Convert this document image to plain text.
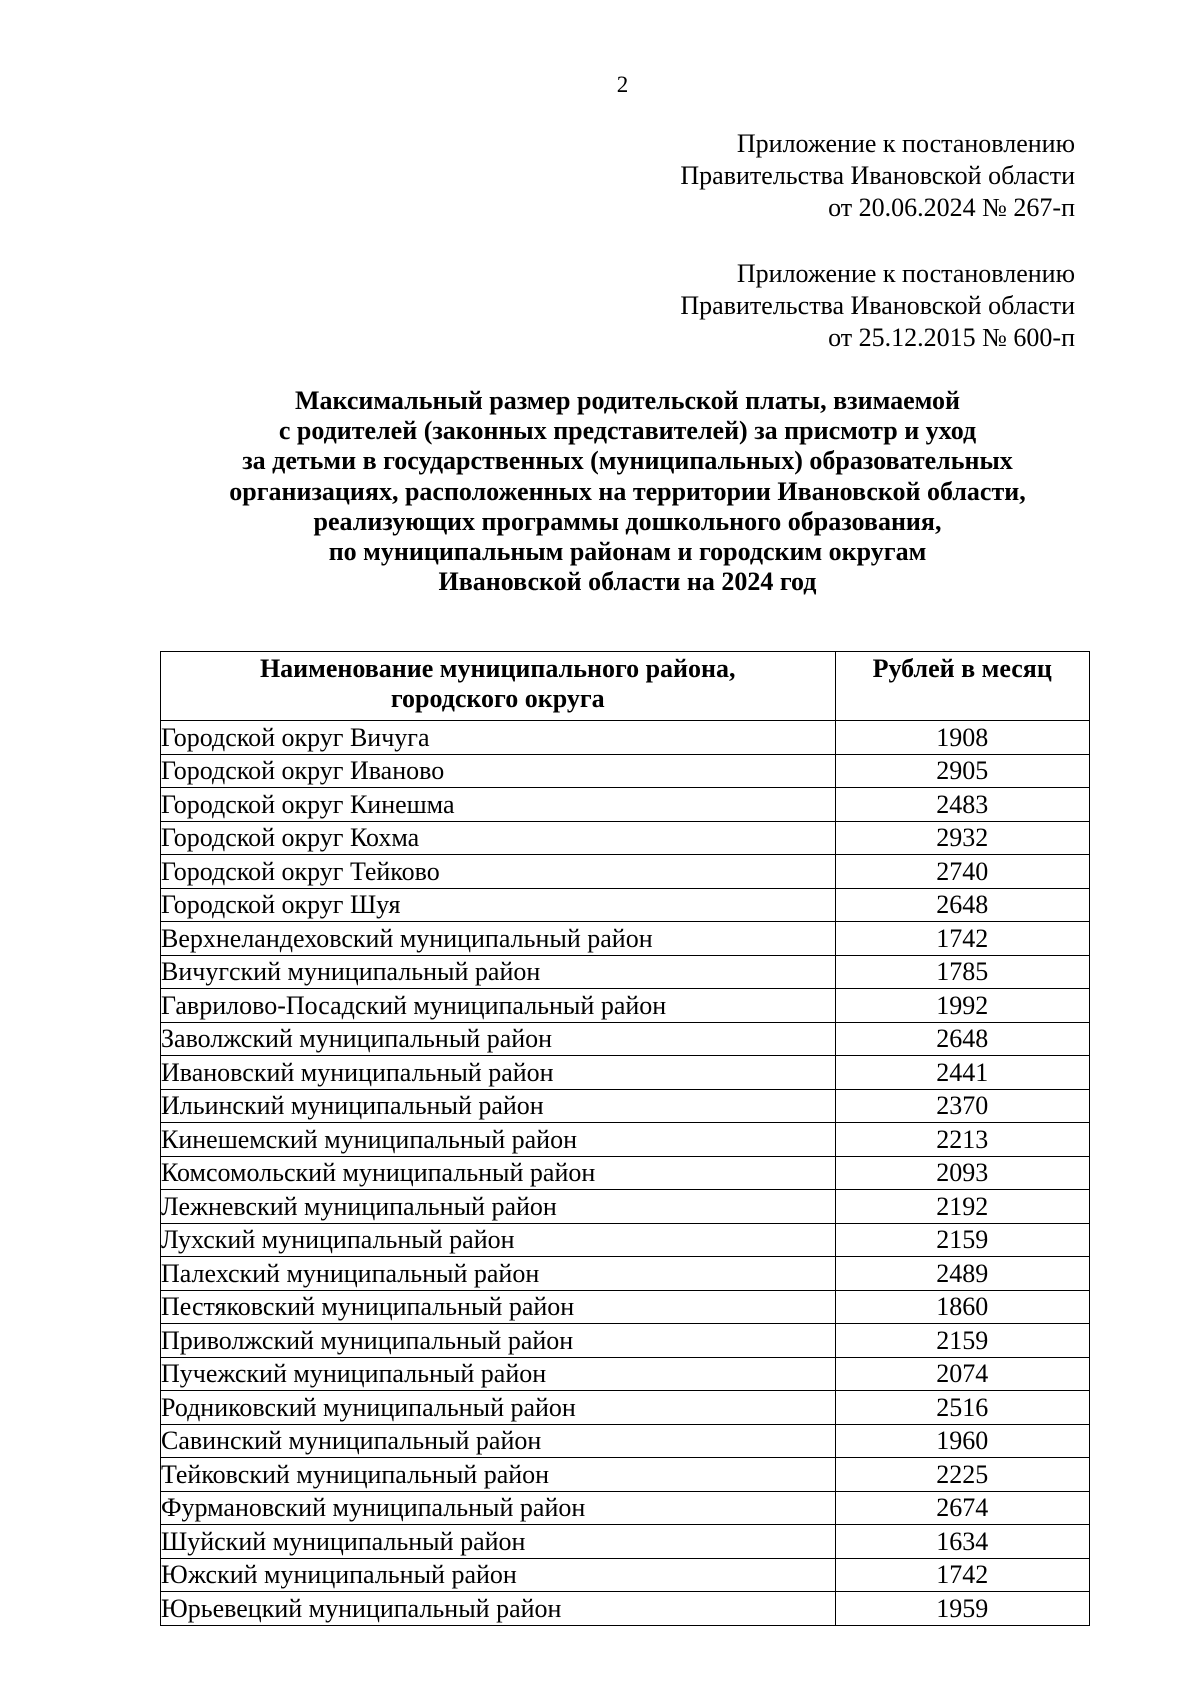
2
Приложение к постановлению
Правительства Ивановской области
от 20.06.2024 № 267-п
Приложение к постановлению
Правительства Ивановской области
от 25.12.2015 № 600-п
Максимальный размер родительской платы, взимаемой
с родителей (законных представителей) за присмотр и уход
за детьми в государственных (муниципальных) образовательных
организациях, расположенных на территории Ивановской области,
реализующих программы дошкольного образования,
по муниципальным районам и городским округам
Ивановской области на 2024 год
Наименование муниципального района,
городского округа	Рублей в месяц
Городской округ Вичуга	1908
Городской округ Иваново	2905
Городской округ Кинешма	2483
Городской округ Кохма	2932
Городской округ Тейково	2740
Городской округ Шуя	2648
Верхнеландеховский муниципальный район	1742
Вичугский муниципальный район	1785
Гаврилово-Посадский муниципальный район	1992
Заволжский муниципальный район	2648
Ивановский муниципальный район	2441
Ильинский муниципальный район	2370
Кинешемский муниципальный район	2213
Комсомольский муниципальный район	2093
Лежневский муниципальный район	2192
Лухский муниципальный район	2159
Палехский муниципальный район	2489
Пестяковский муниципальный район	1860
Приволжский муниципальный район	2159
Пучежский муниципальный район	2074
Родниковский муниципальный район	2516
Савинский муниципальный район	1960
Тейковский муниципальный район	2225
Фурмановский муниципальный район	2674
Шуйский муниципальный район	1634
Южский муниципальный район	1742
Юрьевецкий муниципальный район	1959
